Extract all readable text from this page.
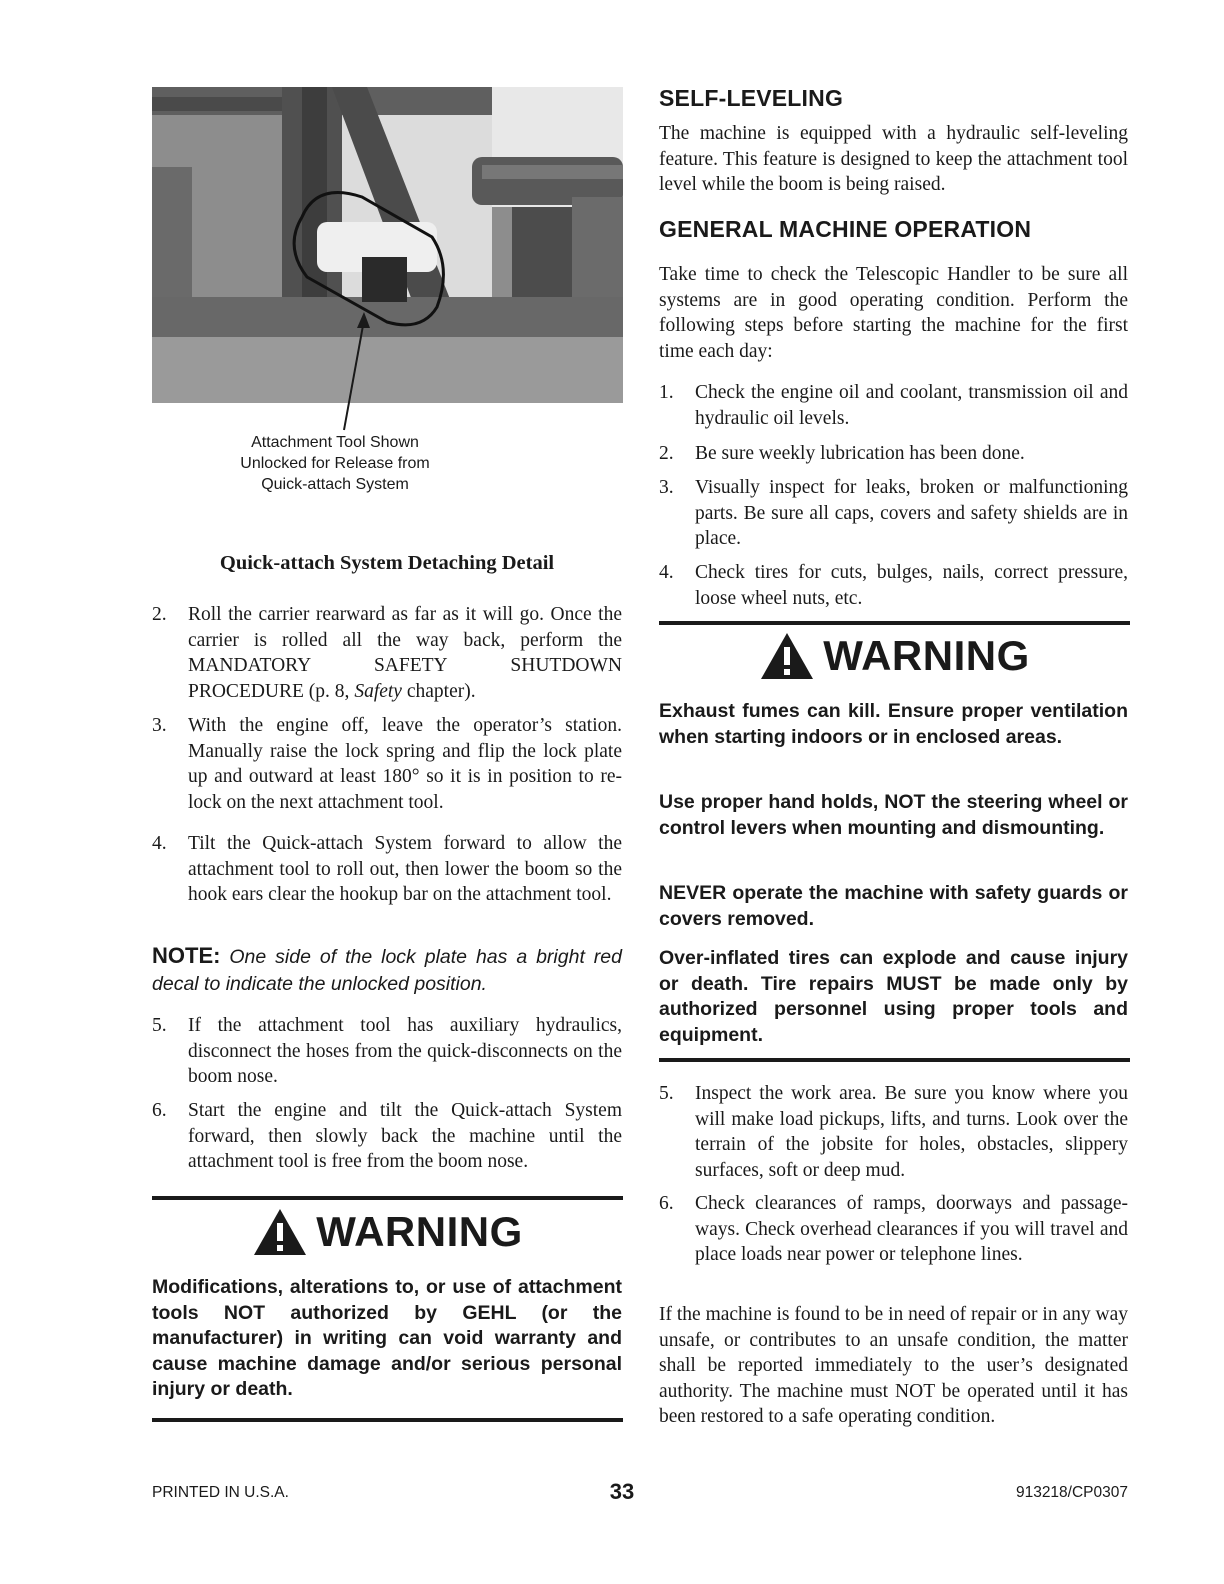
Attachment Tool Shown
Unlocked for Release from
Quick-attach System
Quick-attach System Detaching Detail
2.	Roll the carrier rearward as far as it will go. Once the carrier is rolled all the way back, perform the MANDATORY SAFETY SHUTDOWN PROCEDURE (p. 8, Safety chapter).
3.	With the engine off, leave the operator’s station. Manually raise the lock spring and flip the lock plate up and outward at least 180° so it is in position to re-lock on the next attachment tool.
4.	Tilt the Quick-attach System forward to allow the attachment tool to roll out, then lower the boom so the hook ears clear the hookup bar on the attachment tool.
NOTE: One side of the lock plate has a bright red decal to indicate the unlocked position.
5.	If the attachment tool has auxiliary hydraulics, disconnect the hoses from the quick-disconnects on the boom nose.
6.	Start the engine and tilt the Quick-attach System forward, then slowly back the machine until the attachment tool is free from the boom nose.
WARNING
Modifications, alterations to, or use of attachment tools NOT authorized by GEHL (or the manufacturer) in writing can void warranty and cause machine damage and/or serious personal injury or death.
SELF-LEVELING
The machine is equipped with a hydraulic self-leveling feature. This feature is designed to keep the attachment tool level while the boom is being raised.
GENERAL MACHINE OPERATION
Take time to check the Telescopic Handler to be sure all systems are in good operating condition. Perform the following steps before starting the machine for the first time each day:
1.	Check the engine oil and coolant, transmission oil and hydraulic oil levels.
2.	Be sure weekly lubrication has been done.
3.	Visually inspect for leaks, broken or malfunctioning parts. Be sure all caps, covers and safety shields are in place.
4.	Check tires for cuts, bulges, nails, correct pressure, loose wheel nuts, etc.
WARNING
Exhaust fumes can kill. Ensure proper ventilation when starting indoors or in enclosed areas.
Use proper hand holds, NOT the steering wheel or control levers when mounting and dismounting.
NEVER operate the machine with safety guards or covers removed.
Over-inflated tires can explode and cause injury or death. Tire repairs MUST be made only by authorized personnel using proper tools and equipment.
5.	Inspect the work area. Be sure you know where you will make load pickups, lifts, and turns. Look over the terrain of the jobsite for holes, obstacles, slippery surfaces, soft or deep mud.
6.	Check clearances of ramps, doorways and passage-ways. Check overhead clearances if you will travel and place loads near power or telephone lines.
If the machine is found to be in need of repair or in any way unsafe, or contributes to an unsafe condition, the matter shall be reported immediately to the user’s designated authority. The machine must NOT be operated until it has been restored to a safe operating condition.
PRINTED IN U.S.A.	33	913218/CP0307
